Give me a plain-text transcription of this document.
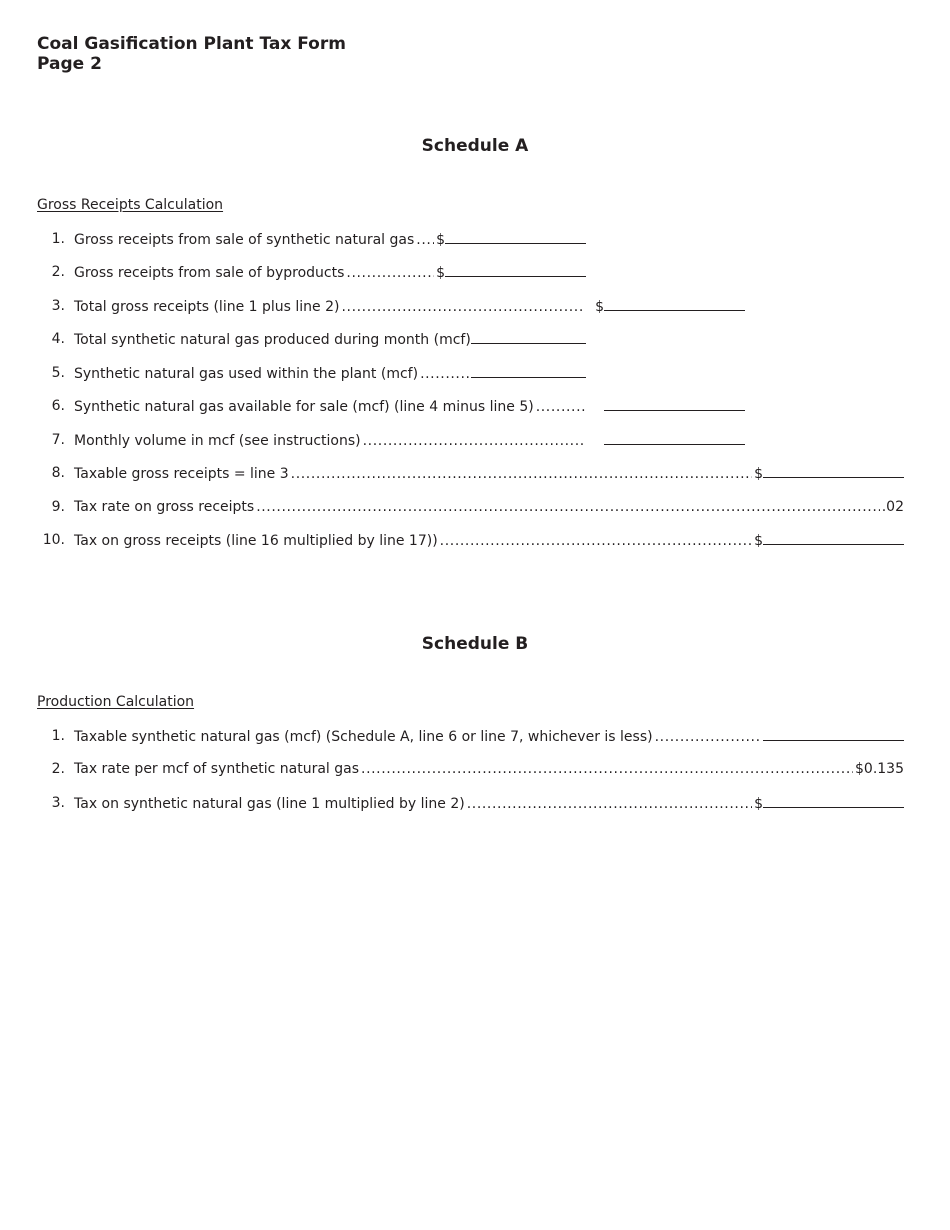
Coal Gasification Plant Tax Form
Page 2
Schedule A
Gross Receipts Calculation
1. Gross receipts from sale of synthetic natural gas ..... $
2. Gross receipts from sale of byproducts .....	$
3. Total gross receipts (line 1 plus line 2) .....	$
4. Total synthetic natural gas produced during month (mcf)
5. Synthetic natural gas used within the plant (mcf)
.....
6. Synthetic natural gas available for sale (mcf) (line 4 minus line 5)
.....
7. Monthly volume in mcf (see instructions)
.....
8. Taxable gross receipts = line 3 .....	$
9. Tax rate on gross receipts .....	.02
10. Tax on gross receipts (line 16 multiplied by line 17)) .....	$
Schedule B
Production Calculation
1. Taxable synthetic natural gas (mcf) (Schedule A, line 6 or line 7, whichever is less)
.....
2. Tax rate per mcf of synthetic natural gas .....	$0.135
3. Tax on synthetic natural gas (line 1 multiplied by line 2) .....	$
